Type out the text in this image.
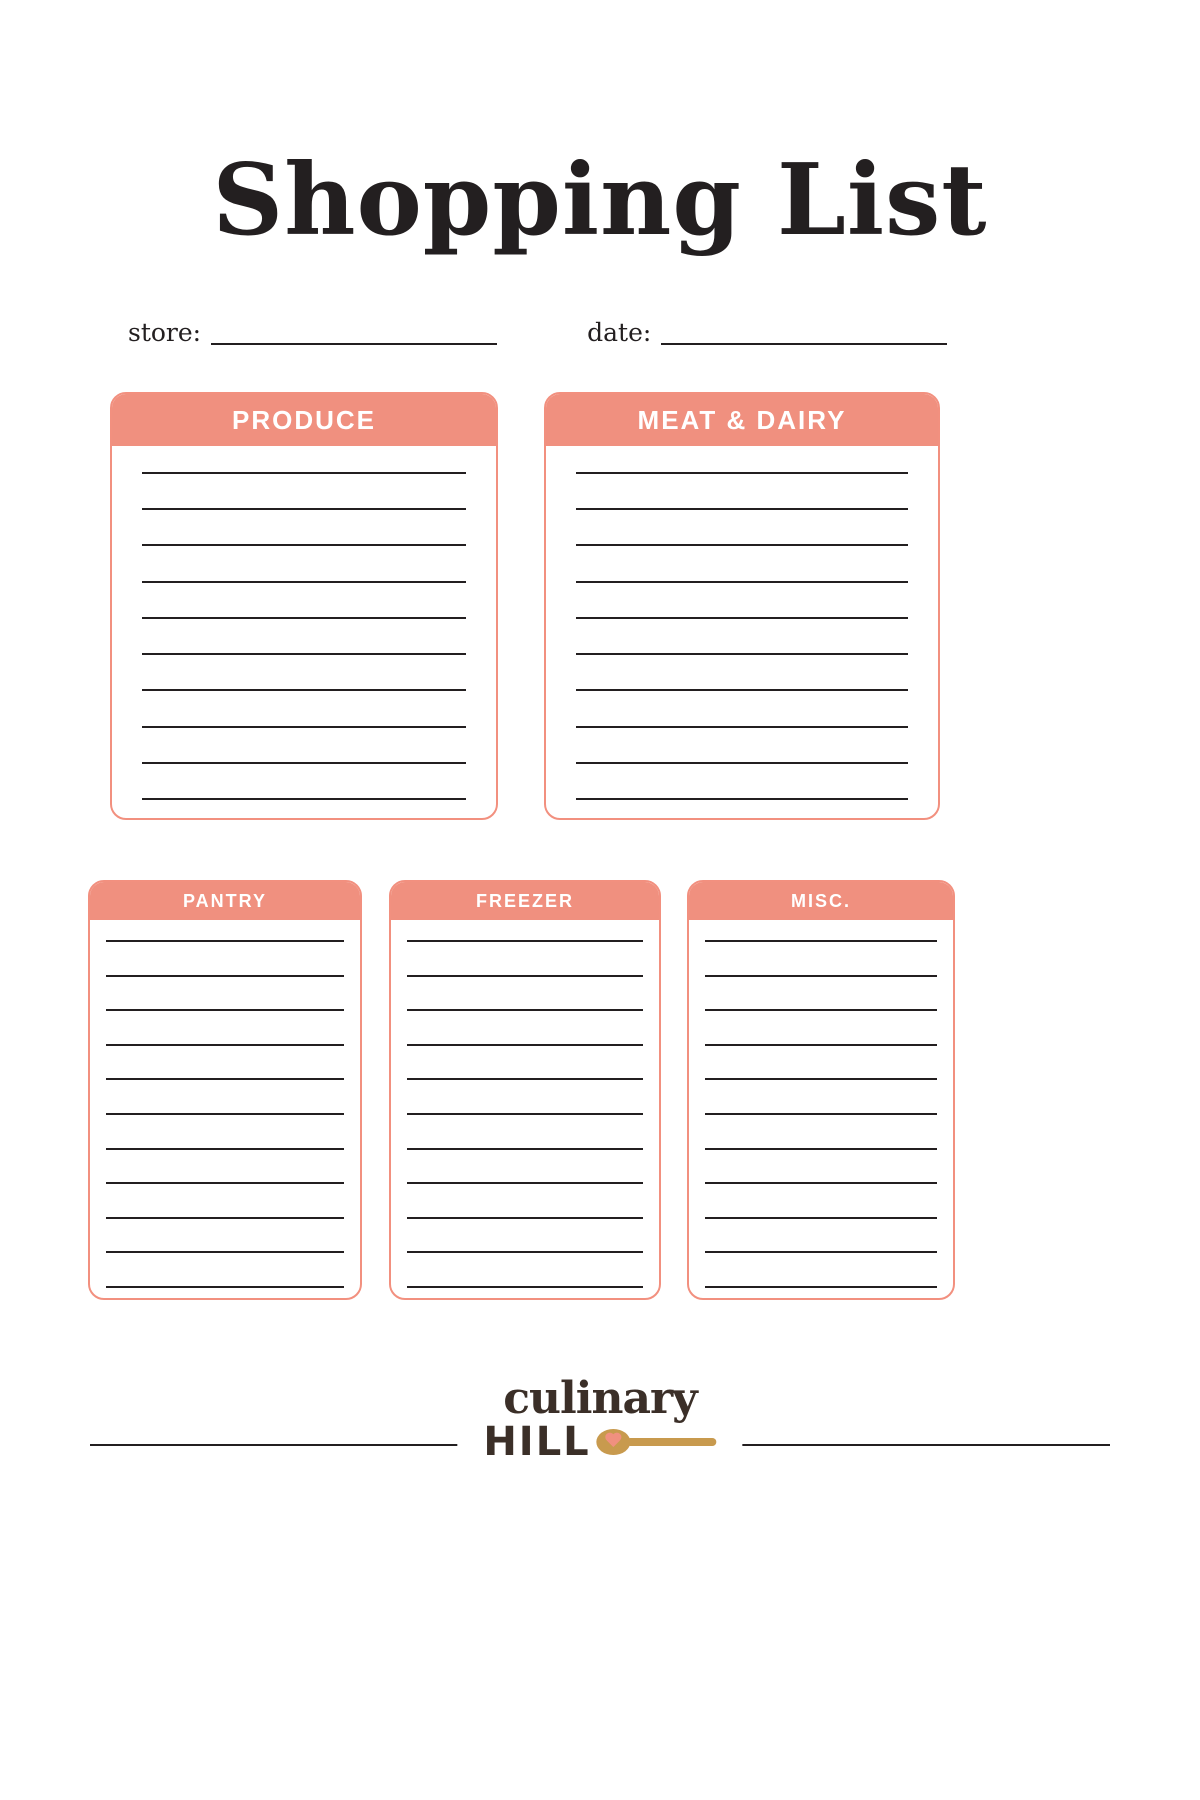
Shopping List
store:	date:
PRODUCE	MEAT & DAIRY
PANTRY	FREEZER	MISC.
culinary
HILL
